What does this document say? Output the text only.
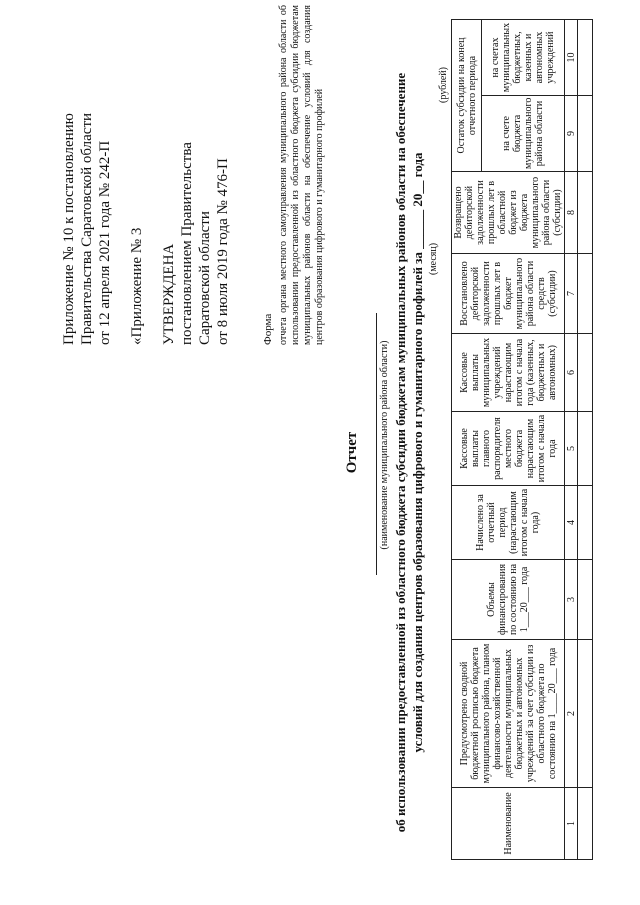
Приложение № 10 к постановлению Правительства Саратовской области от 12 апреля 2021 года № 242-П «Приложение № 3 УТВЕРЖДЕНА постановлением Правительства Саратовской области от 8 июля 2019 года № 476-П	Форма отчета органа местного самоуправления муниципального района области об использовании предоставленной из областного бюджета субсидии бюджетам муниципальных районов области на обеспечение условий для создания центров образования цифрового и гуманитарного профилей
Отчет (наименование муниципального района области) об использовании предоставленной из областного бюджета субсидии бюджетам муниципальных районов области на обеспечение условий для создания центров образования цифрового и гуманитарного профилей за ______ 20__ года (месяц)
(рублей)
Наименование	Предусмотрено сводной бюджетной росписью бюджета муниципального района, планом финансово-хозяйственной деятельности муниципальных бюджетных и автономных учреждений за счет субсидии из областного бюджета по состоянию на 1____20___ года	Объемы финансирования по состоянию на 1___20___ года	Начислено за отчетный период (нарастающим итогом с начала года)	Кассовые выплаты главного распорядителя местного бюджета нарастающим итогом с начала года	Кассовые выплаты муниципальных учреждений нарастающим итогом с начала года (казенных, бюджетных и автономных)	Восстановлено дебиторской задолженности прошлых лет в бюджет муниципального района области средств (субсидии)	Возвращено дебиторской задолженности прошлых лет в областной бюджет из бюджета муниципального района области (субсидии)	Остаток субсидии на конец отчетного периода	
								на счете бюджета муниципального района области	на счетах муниципальных бюджетных, казенных и автономных учреждений
1	2	3	4	5	6	7	8	9	10
